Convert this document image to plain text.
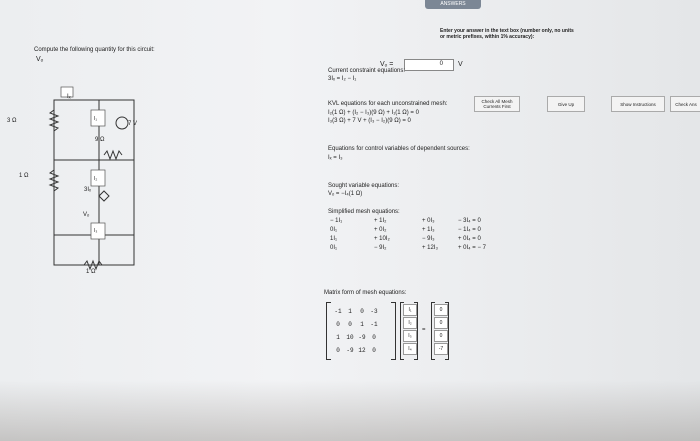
ANSWERS
Enter your answer in the text box (number only, no units
or metric prefixes, within 1% accuracy):
Compute the following quantity for this circuit:
Vₒ
Vₒ =	0 V
Check All Mesh Currents First	Give Up	Show Instructions	Check Ans
3 Ω
9 Ω
1 Ω
1 Ω
7 V
3Iₓ
Vₒ
Iₓ
I₁
I₂
I₃
Current constraint equations:
3Iₓ = I₂ − I₁
KVL equations for each unconstrained mesh:
I₂(1 Ω) + (I₂ − I₃)(9 Ω) + I₁(1 Ω) = 0
I₃(3 Ω) + 7 V + (I₃ − I₂)(9 Ω) = 0
Equations for control variables of dependent sources:
Iₓ = I₃
Sought variable equations:
Vₒ = −I₄(1 Ω)
Simplified mesh equations:
− 1I₁	+ 1I₂	+ 0I₃	− 3I₄ = 0
0I₁	+ 0I₂	+ 1I₃	− 1I₄ = 0
1I₁	+ 10I₂	− 9I₃	+ 0I₄ = 0
0I₁	− 9I₂	+ 12I₃	+ 0I₄ = − 7
Matrix form of mesh equations:
-1 1 0 -3
0 0 1 -1
1 10 -9 0
0 -9 12 0
I₁
I₂
I₃
I₄
=
0
0
0
-7
